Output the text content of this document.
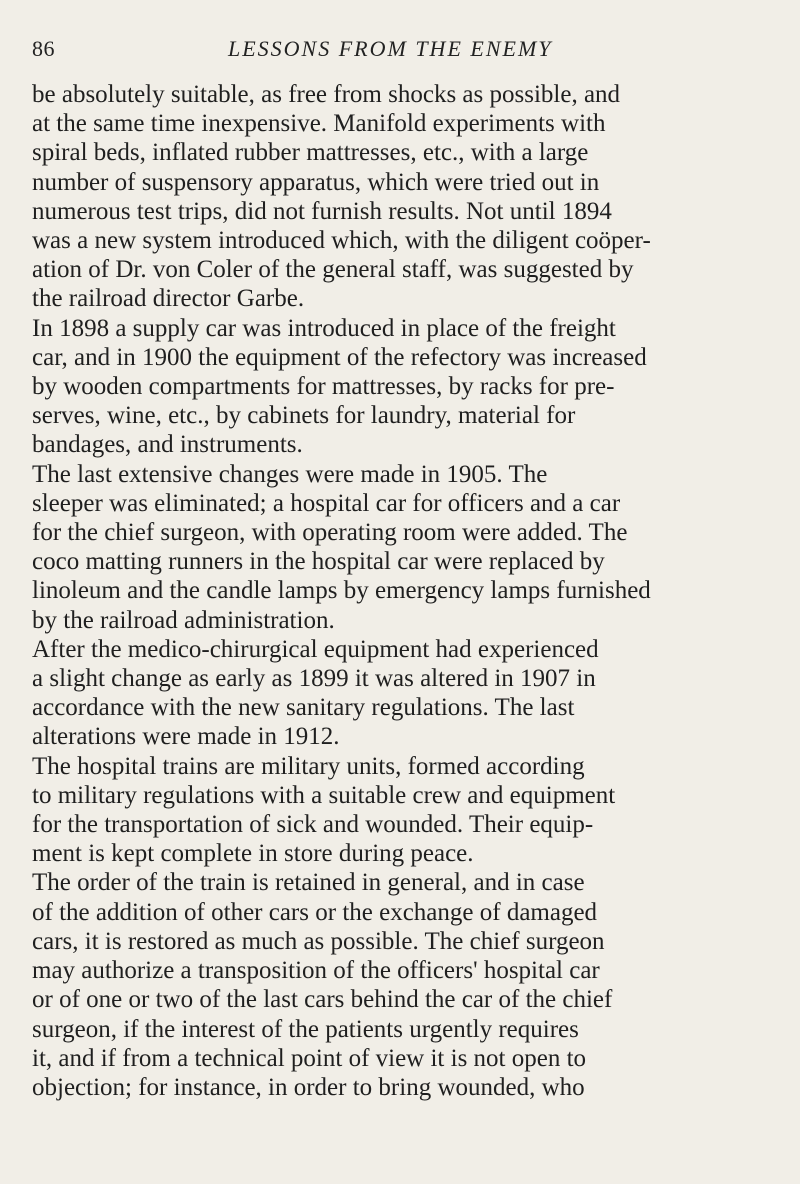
86	LESSONS FROM THE ENEMY
be absolutely suitable, as free from shocks as possible, and
at the same time inexpensive. Manifold experiments with
spiral beds, inflated rubber mattresses, etc., with a large
number of suspensory apparatus, which were tried out in
numerous test trips, did not furnish results. Not until 1894
was a new system introduced which, with the diligent coöper-
ation of Dr. von Coler of the general staff, was suggested by
the railroad director Garbe.
In 1898 a supply car was introduced in place of the freight
car, and in 1900 the equipment of the refectory was increased
by wooden compartments for mattresses, by racks for pre-
serves, wine, etc., by cabinets for laundry, material for
bandages, and instruments.
The last extensive changes were made in 1905. The
sleeper was eliminated; a hospital car for officers and a car
for the chief surgeon, with operating room were added. The
coco matting runners in the hospital car were replaced by
linoleum and the candle lamps by emergency lamps furnished
by the railroad administration.
After the medico-chirurgical equipment had experienced
a slight change as early as 1899 it was altered in 1907 in
accordance with the new sanitary regulations. The last
alterations were made in 1912.
The hospital trains are military units, formed according
to military regulations with a suitable crew and equipment
for the transportation of sick and wounded. Their equip-
ment is kept complete in store during peace.
The order of the train is retained in general, and in case
of the addition of other cars or the exchange of damaged
cars, it is restored as much as possible. The chief surgeon
may authorize a transposition of the officers' hospital car
or of one or two of the last cars behind the car of the chief
surgeon, if the interest of the patients urgently requires
it, and if from a technical point of view it is not open to
objection; for instance, in order to bring wounded, who
